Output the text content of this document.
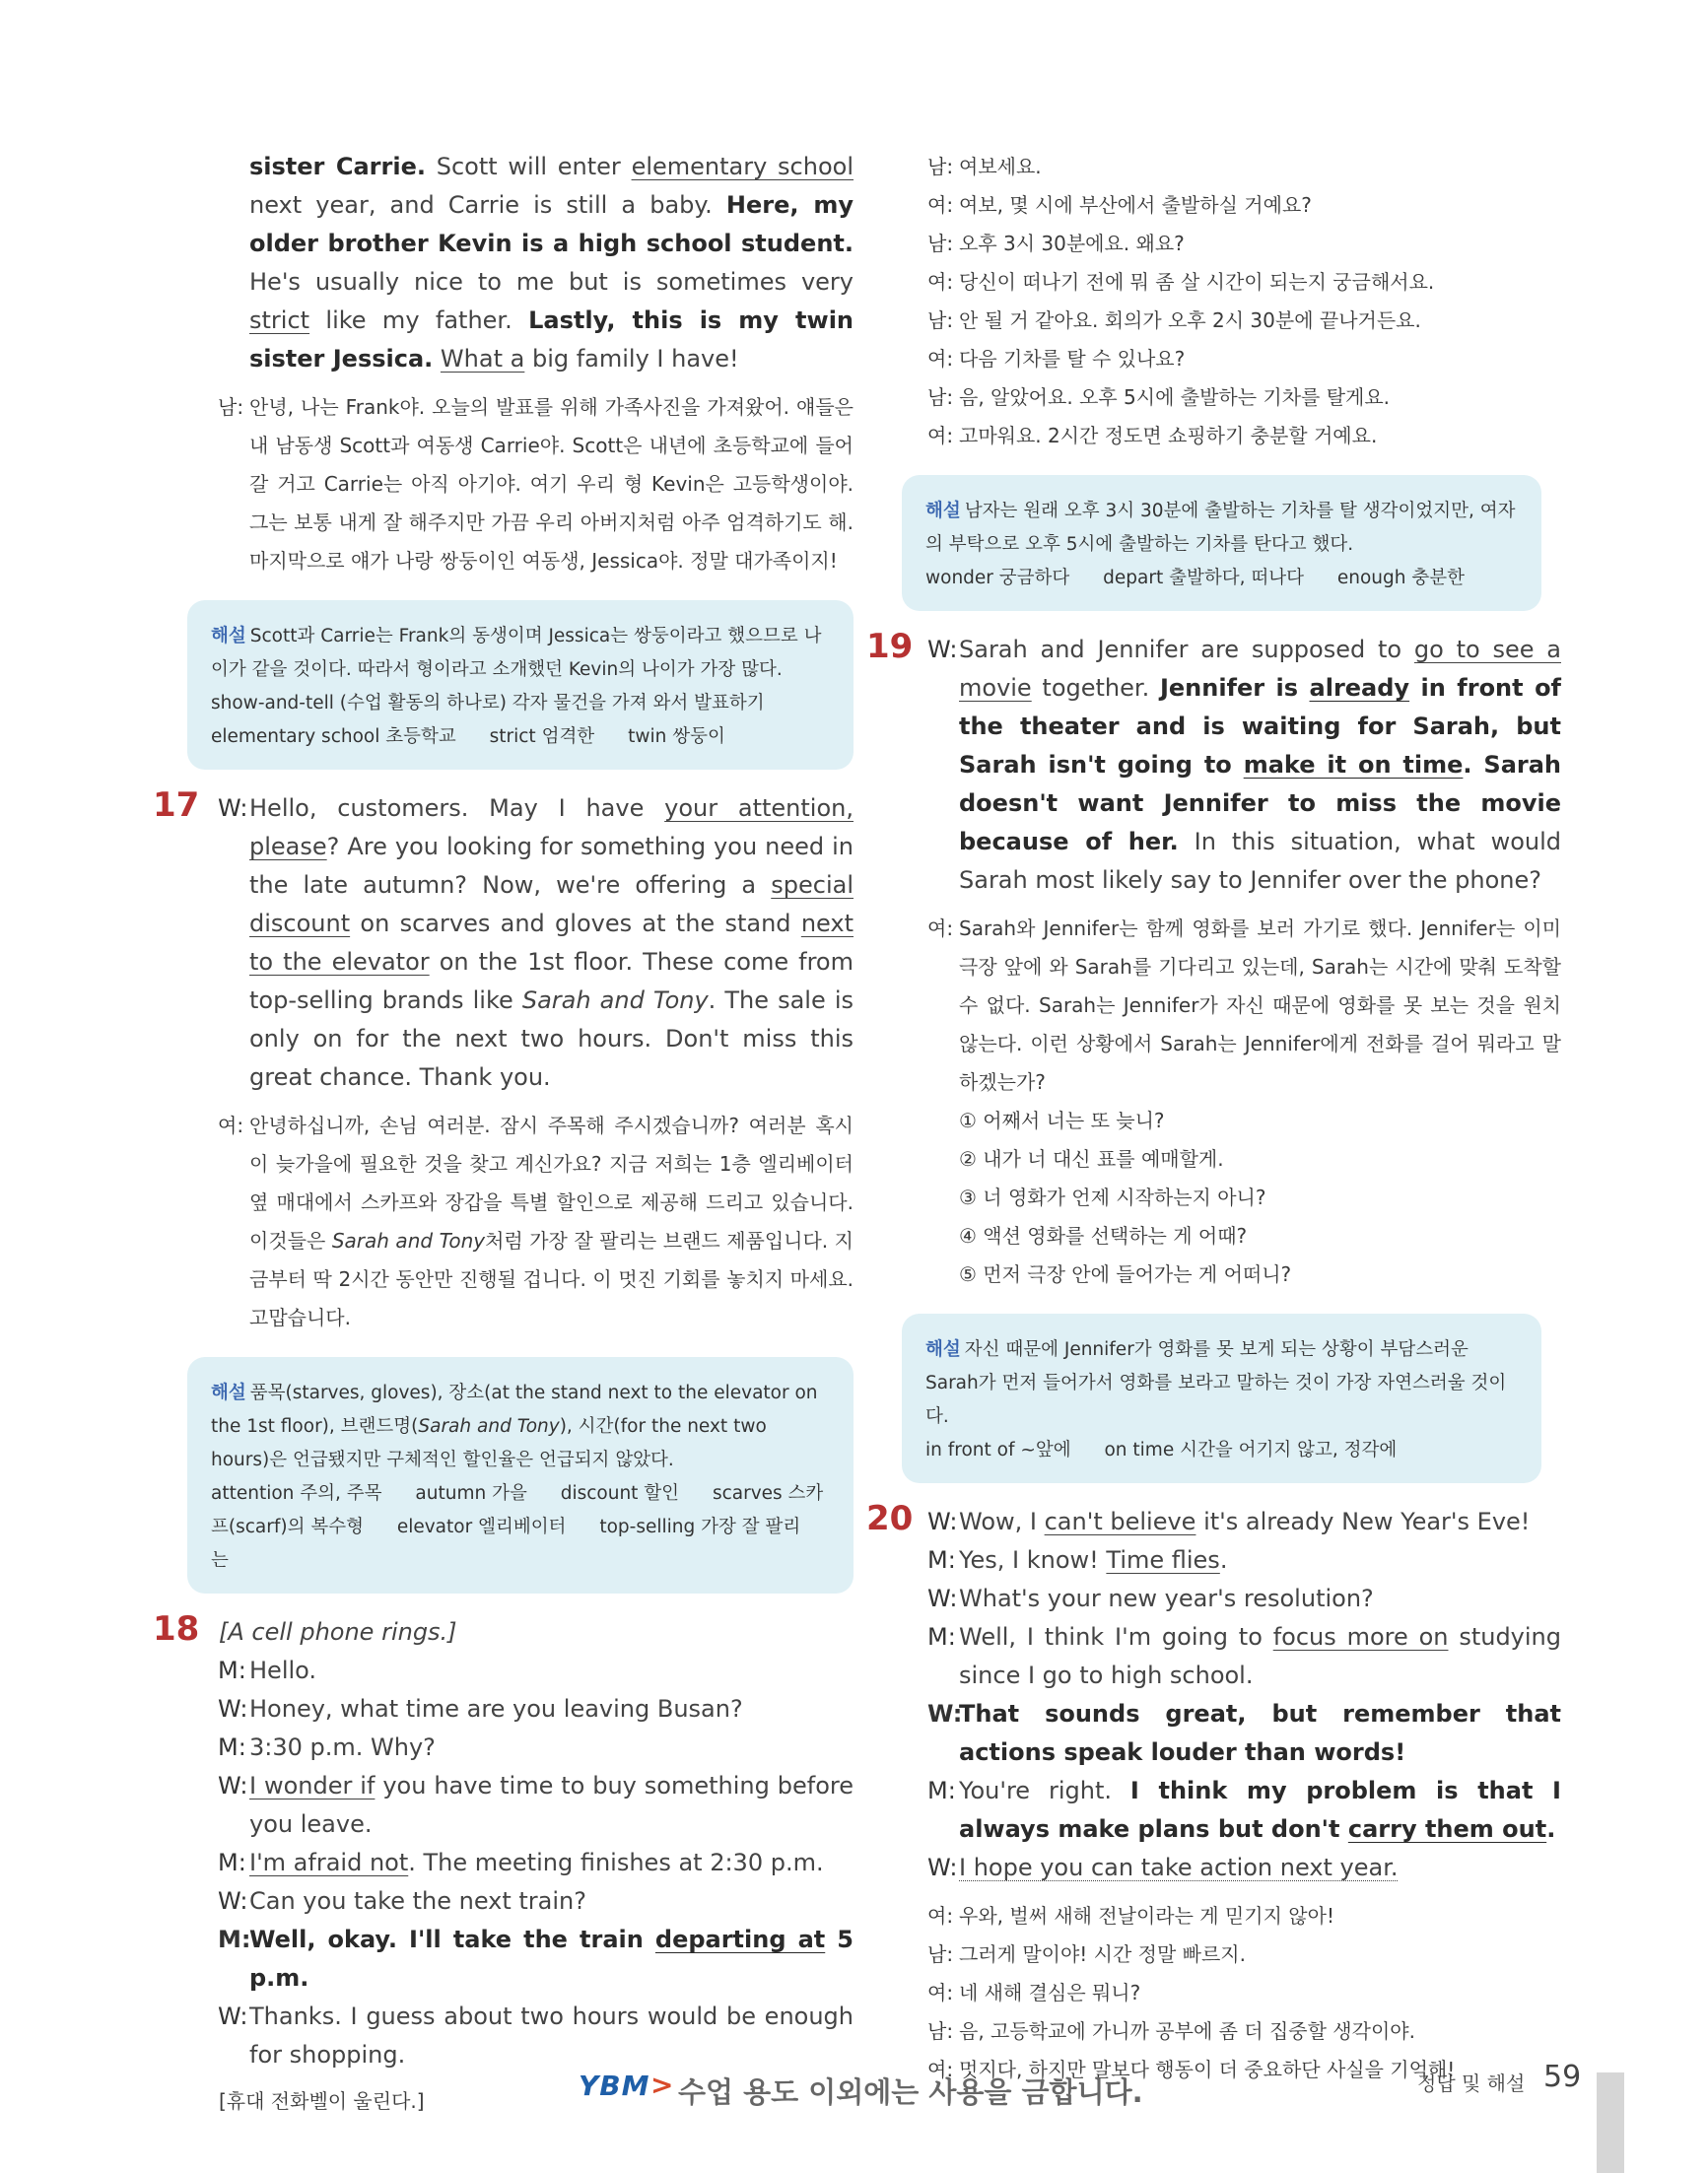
sister Carrie. Scott will enter elementary school next year, and Carrie is still a baby. Here, my older brother Kevin is a high school student. He's usually nice to me but is sometimes very strict like my father. Lastly, this is my twin sister Jessica. What a big family I have!
남: 안녕, 나는 Frank야. 오늘의 발표를 위해 가족사진을 가져왔어. 얘들은 내 남동생 Scott과 여동생 Carrie야. Scott은 내년에 초등학교에 들어갈 거고 Carrie는 아직 아기야. 여기 우리 형 Kevin은 고등학생이야. 그는 보통 내게 잘 해주지만 가끔 우리 아버지처럼 아주 엄격하기도 해. 마지막으로 얘가 나랑 쌍둥이인 여동생, Jessica야. 정말 대가족이지!
해설 Scott과 Carrie는 Frank의 동생이며 Jessica는 쌍둥이라고 했으므로 나이가 같을 것이다. 따라서 형이라고 소개했던 Kevin의 나이가 가장 많다.
show-and-tell (수업 활동의 하나로) 각자 물건을 가져 와서 발표하기
elementary school 초등학교 strict 엄격한 twin 쌍둥이
17 W: Hello, customers. May I have your attention, please? Are you looking for something you need in the late autumn? Now, we're offering a special discount on scarves and gloves at the stand next to the elevator on the 1st floor. These come from top-selling brands like Sarah and Tony. The sale is only on for the next two hours. Don't miss this great chance. Thank you.
여: 안녕하십니까, 손님 여러분. 잠시 주목해 주시겠습니까? 여러분 혹시 이 늦가을에 필요한 것을 찾고 계신가요? 지금 저희는 1층 엘리베이터 옆 매대에서 스카프와 장갑을 특별 할인으로 제공해 드리고 있습니다. 이것들은 Sarah and Tony처럼 가장 잘 팔리는 브랜드 제품입니다. 지금부터 딱 2시간 동안만 진행될 겁니다. 이 멋진 기회를 놓치지 마세요. 고맙습니다.
해설 품목(starves, gloves), 장소(at the stand next to the elevator on the 1st floor), 브랜드명(Sarah and Tony), 시간(for the next two hours)은 언급됐지만 구체적인 할인율은 언급되지 않았다.
attention 주의, 주목 autumn 가을 discount 할인 scarves 스카프(scarf)의 복수형 elevator 엘리베이터 top-selling 가장 잘 팔리는
18 [A cell phone rings.]
M: Hello.
W: Honey, what time are you leaving Busan?
M: 3:30 p.m. Why?
W: I wonder if you have time to buy something before you leave.
M: I'm afraid not. The meeting finishes at 2:30 p.m.
W: Can you take the next train?
M:
Well, okay. I'll take the train departing at 5 p.m.
W: Thanks. I guess about two hours would be enough for shopping.
[휴대 전화벨이 울린다.]
남: 여보세요.
여: 여보, 몇 시에 부산에서 출발하실 거예요?
남: 오후 3시 30분에요. 왜요?
여: 당신이 떠나기 전에 뭐 좀 살 시간이 되는지 궁금해서요.
남: 안 될 거 같아요. 회의가 오후 2시 30분에 끝나거든요.
여: 다음 기차를 탈 수 있나요?
남: 음, 알았어요. 오후 5시에 출발하는 기차를 탈게요.
여: 고마워요. 2시간 정도면 쇼핑하기 충분할 거예요.
해설 남자는 원래 오후 3시 30분에 출발하는 기차를 탈 생각이었지만, 여자의 부탁으로 오후 5시에 출발하는 기차를 탄다고 했다.
wonder 궁금하다 depart 출발하다, 떠나다 enough 충분한
19 W: Sarah and Jennifer are supposed to go to see a movie together. Jennifer is already in front of the theater and is waiting for Sarah, but Sarah isn't going to make it on time. Sarah doesn't want Jennifer to miss the movie because of her. In this situation, what would Sarah most likely say to Jennifer over the phone?
여: Sarah와 Jennifer는 함께 영화를 보러 가기로 했다. Jennifer는 이미 극장 앞에 와 Sarah를 기다리고 있는데, Sarah는 시간에 맞춰 도착할 수 없다. Sarah는 Jennifer가 자신 때문에 영화를 못 보는 것을 원치 않는다. 이런 상황에서 Sarah는 Jennifer에게 전화를 걸어 뭐라고 말하겠는가?
① 어째서 너는 또 늦니?
② 내가 너 대신 표를 예매할게.
③ 너 영화가 언제 시작하는지 아니?
④ 액션 영화를 선택하는 게 어때?
⑤ 먼저 극장 안에 들어가는 게 어떠니?
해설 자신 때문에 Jennifer가 영화를 못 보게 되는 상황이 부담스러운 Sarah가 먼저 들어가서 영화를 보라고 말하는 것이 가장 자연스러울 것이다.
in front of ~앞에 on time 시간을 어기지 않고, 정각에
20 W: Wow, I can't believe it's already New Year's Eve!
M: Yes, I know! Time flies.
W: What's your new year's resolution?
M: Well, I think I'm going to focus more on studying since I go to high school.
W:
That sounds great, but remember that actions speak louder than words!
M: You're right. I think my problem is that I always make plans but don't carry them out.
W: I hope you can take action next year.
여: 우와, 벌써 새해 전날이라는 게 믿기지 않아!
남: 그러게 말이야! 시간 정말 빠르지.
여: 네 새해 결심은 뭐니?
남: 음, 고등학교에 가니까 공부에 좀 더 집중할 생각이야.
여: 멋지다, 하지만 말보다 행동이 더 중요하단 사실을 기억해!
YBM > 수업 용도 이외에는 사용을 금합니다.	정답 및 해설 59
